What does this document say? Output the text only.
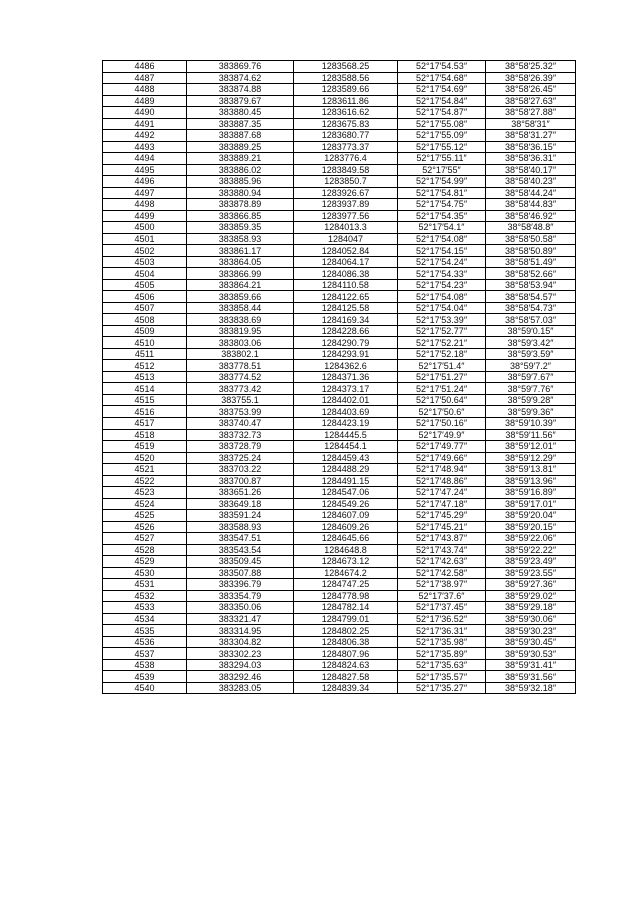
4486	383869.76	1283568.25	52°17′54.53″	38°58′25.32″
4487	383874.62	1283588.56	52°17′54.68″	38°58′26.39″
4488	383874.88	1283589.66	52°17′54.69″	38°58′26.45″
4489	383879.67	1283611.86	52°17′54.84″	38°58′27.63″
4490	383880.45	1283616.62	52°17′54.87″	38°58′27.88″
4491	383887.35	1283675.83	52°17′55.08″	38°58′31″
4492	383887.68	1283680.77	52°17′55.09″	38°58′31.27″
4493	383889.25	1283773.37	52°17′55.12″	38°58′36.15″
4494	383889.21	1283776.4	52°17′55.11″	38°58′36.31″
4495	383886.02	1283849.58	52°17′55″	38°58′40.17″
4496	383885.96	1283850.7	52°17′54.99″	38°58′40.23″
4497	383880.94	1283926.67	52°17′54.81″	38°58′44.24″
4498	383878.89	1283937.89	52°17′54.75″	38°58′44.83″
4499	383866.85	1283977.56	52°17′54.35″	38°58′46.92″
4500	383859.35	1284013.3	52°17′54.1″	38°58′48.8″
4501	383858.93	1284047	52°17′54.08″	38°58′50.58″
4502	383861.17	1284052.84	52°17′54.15″	38°58′50.89″
4503	383864.05	1284064.17	52°17′54.24″	38°58′51.49″
4504	383866.99	1284086.38	52°17′54.33″	38°58′52.66″
4505	383864.21	1284110.58	52°17′54.23″	38°58′53.94″
4506	383859.66	1284122.65	52°17′54.08″	38°58′54.57″
4507	383858.44	1284125.58	52°17′54.04″	38°58′54.73″
4508	383838.69	1284169.34	52°17′53.39″	38°58′57.03″
4509	383819.95	1284228.66	52°17′52.77″	38°59′0.15″
4510	383803.06	1284290.79	52°17′52.21″	38°59′3.42″
4511	383802.1	1284293.91	52°17′52.18″	38°59′3.59″
4512	383778.51	1284362.6	52°17′51.4″	38°59′7.2″
4513	383774.52	1284371.36	52°17′51.27″	38°59′7.67″
4514	383773.42	1284373.17	52°17′51.24″	38°59′7.76″
4515	383755.1	1284402.01	52°17′50.64″	38°59′9.28″
4516	383753.99	1284403.69	52°17′50.6″	38°59′9.36″
4517	383740.47	1284423.19	52°17′50.16″	38°59′10.39″
4518	383732.73	1284445.5	52°17′49.9″	38°59′11.56″
4519	383728.79	1284454.1	52°17′49.77″	38°59′12.01″
4520	383725.24	1284459.43	52°17′49.66″	38°59′12.29″
4521	383703.22	1284488.29	52°17′48.94″	38°59′13.81″
4522	383700.87	1284491.15	52°17′48.86″	38°59′13.96″
4523	383651.26	1284547.06	52°17′47.24″	38°59′16.89″
4524	383649.18	1284549.26	52°17′47.18″	38°59′17.01″
4525	383591.24	1284607.09	52°17′45.29″	38°59′20.04″
4526	383588.93	1284609.26	52°17′45.21″	38°59′20.15″
4527	383547.51	1284645.66	52°17′43.87″	38°59′22.06″
4528	383543.54	1284648.8	52°17′43.74″	38°59′22.22″
4529	383509.45	1284673.12	52°17′42.63″	38°59′23.49″
4530	383507.88	1284674.2	52°17′42.58″	38°59′23.55″
4531	383396.79	1284747.25	52°17′38.97″	38°59′27.36″
4532	383354.79	1284778.98	52°17′37.6″	38°59′29.02″
4533	383350.06	1284782.14	52°17′37.45″	38°59′29.18″
4534	383321.47	1284799.01	52°17′36.52″	38°59′30.06″
4535	383314.95	1284802.25	52°17′36.31″	38°59′30.23″
4536	383304.82	1284806.38	52°17′35.98″	38°59′30.45″
4537	383302.23	1284807.96	52°17′35.89″	38°59′30.53″
4538	383294.03	1284824.63	52°17′35.63″	38°59′31.41″
4539	383292.46	1284827.58	52°17′35.57″	38°59′31.56″
4540	383283.05	1284839.34	52°17′35.27″	38°59′32.18″
